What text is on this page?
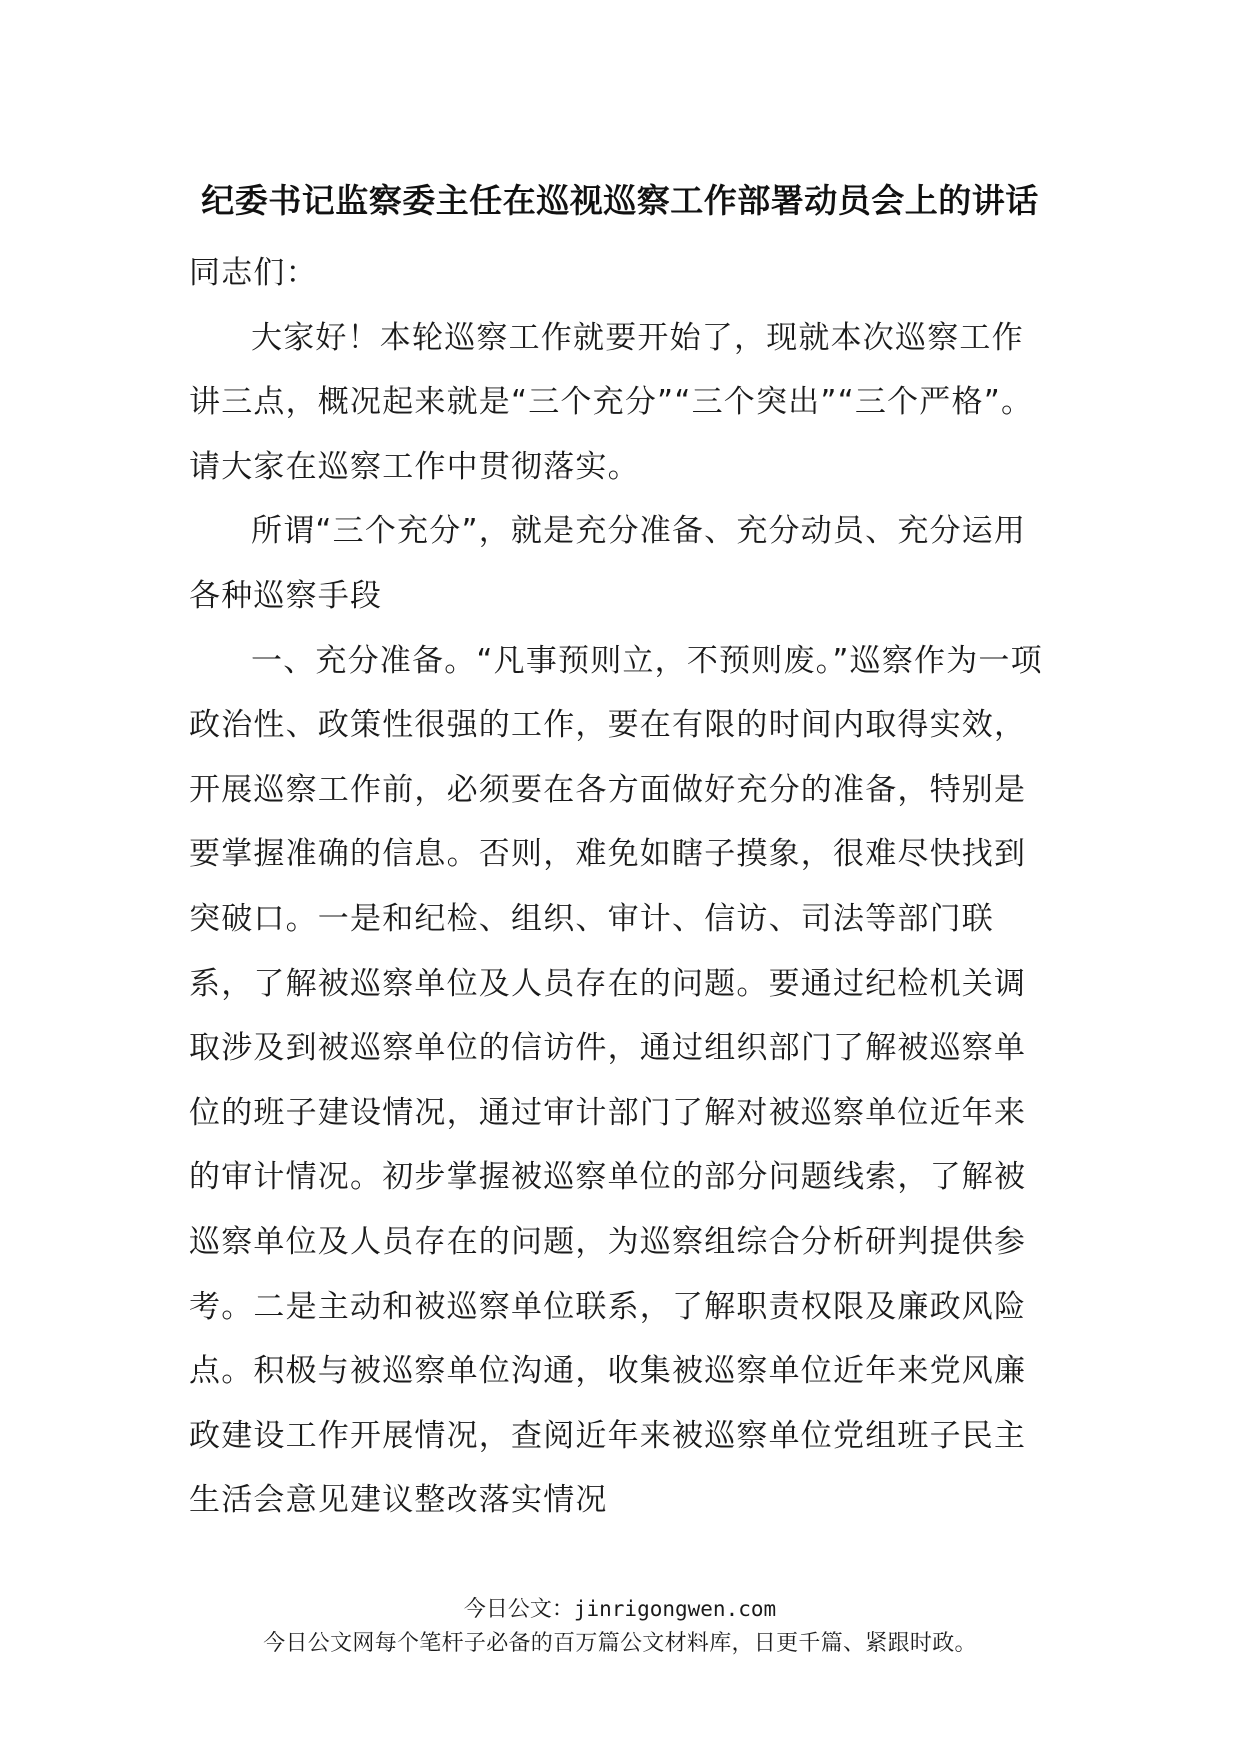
纪委书记监察委主任在巡视巡察工作部署动员会上的讲话

同志们：

大家好！本轮巡察工作就要开始了，现就本次巡察工作讲三点，概况起来就是“三个充分”“三个突出”“三个严格”。请大家在巡察工作中贯彻落实。

所谓“三个充分”，就是充分准备、充分动员、充分运用各种巡察手段

一、充分准备。“凡事预则立，不预则废。”巡察作为一项政治性、政策性很强的工作，要在有限的时间内取得实效，开展巡察工作前，必须要在各方面做好充分的准备，特别是要掌握准确的信息。否则，难免如瞎子摸象，很难尽快找到突破口。一是和纪检、组织、审计、信访、司法等部门联系，了解被巡察单位及人员存在的问题。要通过纪检机关调取涉及到被巡察单位的信访件，通过组织部门了解被巡察单位的班子建设情况，通过审计部门了解对被巡察单位近年来的审计情况。初步掌握被巡察单位的部分问题线索，了解被巡察单位及人员存在的问题，为巡察组综合分析研判提供参考。二是主动和被巡察单位联系，了解职责权限及廉政风险点。积极与被巡察单位沟通，收集被巡察单位近年来党风廉政建设工作开展情况，查阅近年来被巡察单位党组班子民主生活会意见建议整改落实情况

今日公文：jinrigongwen.com
今日公文网每个笔杆子必备的百万篇公文材料库，日更千篇、紧跟时政。
